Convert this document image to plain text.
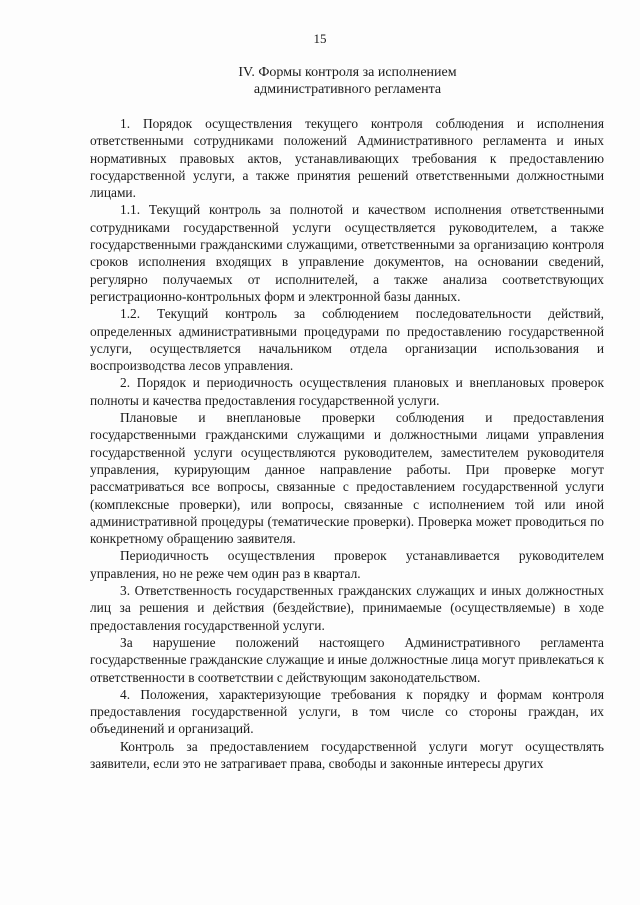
15
IV. Формы контроля за исполнением
административного регламента

1. Порядок осуществления текущего контроля соблюдения и исполнения ответственными сотрудниками положений Административного регламента и иных нормативных правовых актов, устанавливающих требования к предоставлению государственной услуги, а также принятия решений ответственными должностными лицами.

1.1. Текущий контроль за полнотой и качеством исполнения ответственными сотрудниками государственной услуги осуществляется руководителем, а также государственными гражданскими служащими, ответственными за организацию контроля сроков исполнения входящих в управление документов, на основании сведений, регулярно получаемых от исполнителей, а также анализа соответствующих регистрационно-контрольных форм и электронной базы данных.

1.2. Текущий контроль за соблюдением последовательности действий, определенных административными процедурами по предоставлению государственной услуги, осуществляется начальником отдела организации использования и воспроизводства лесов управления.

2. Порядок и периодичность осуществления плановых и внеплановых проверок полноты и качества предоставления государственной услуги.

Плановые и внеплановые проверки соблюдения и предоставления государственными гражданскими служащими и должностными лицами управления государственной услуги осуществляются руководителем, заместителем руководителя управления, курирующим данное направление работы. При проверке могут рассматриваться все вопросы, связанные с предоставлением государственной услуги (комплексные проверки), или вопросы, связанные с исполнением той или иной административной процедуры (тематические проверки). Проверка может проводиться по конкретному обращению заявителя.

Периодичность осуществления проверок устанавливается руководителем управления, но не реже чем один раз в квартал.

3. Ответственность государственных гражданских служащих и иных должностных лиц за решения и действия (бездействие), принимаемые (осуществляемые) в ходе предоставления государственной услуги.

За нарушение положений настоящего Административного регламента государственные гражданские служащие и иные должностные лица могут привлекаться к ответственности в соответствии с действующим законодательством.

4. Положения, характеризующие требования к порядку и формам контроля предоставления государственной услуги, в том числе со стороны граждан, их объединений и организаций.

Контроль за предоставлением государственной услуги могут осуществлять заявители, если это не затрагивает права, свободы и законные интересы других
